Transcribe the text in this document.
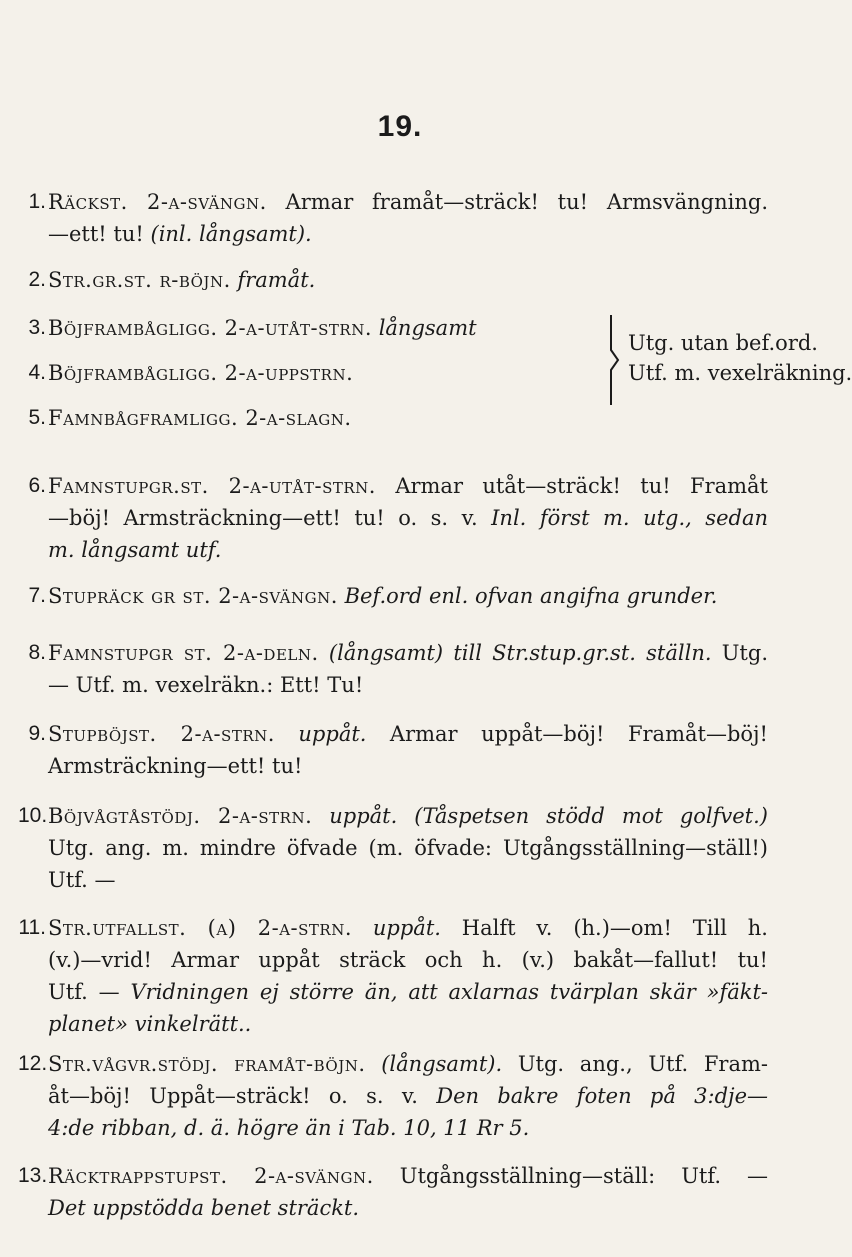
19.
1. Räckst. 2-a-svängn. Armar framåt—sträck! tu! Armsvängning.
—ett! tu! (inl. långsamt).
2. Str.gr.st. r-böjn. framåt.
3. Böjframbågligg. 2-a-utåt-strn. långsamt
4. Böjframbågligg. 2-a-uppstrn.
5. Famnbågframligg. 2-a-slagn.
Utg. utan bef.ord.
Utf. m. vexelräkning.
6. Famnstupgr.st. 2-a-utåt-strn. Armar utåt—sträck! tu! Framåt
—böj! Armsträckning—ett! tu! o. s. v. Inl. först m. utg., sedan
m. långsamt utf.
7. Stupräck gr st. 2-a-svängn. Bef.ord enl. ofvan angifna grunder.
8. Famnstupgr st. 2-a-deln. (långsamt) till Str.stup.gr.st. ställn. Utg.
— Utf. m. vexelräkn.: Ett! Tu!
9. Stupböjst. 2-a-strn. uppåt. Armar uppåt—böj! Framåt—böj!
Armsträckning—ett! tu!
10. Böjvågtåstödj. 2-a-strn. uppåt. (Tåspetsen stödd mot golfvet.)
Utg. ang. m. mindre öfvade (m. öfvade: Utgångsställning—ställ!)
Utf. —
11. Str.utfallst. (a) 2-a-strn. uppåt. Halft v. (h.)—om! Till h.
(v.)—vrid! Armar uppåt sträck och h. (v.) bakåt—fallut! tu!
Utf. — Vridningen ej större än, att axlarnas tvärplan skär »fäkt-
planet» vinkelrätt..
12. Str.vågvr.stödj. framåt-böjn. (långsamt). Utg. ang., Utf. Fram-
åt—böj! Uppåt—sträck! o. s. v. Den bakre foten på 3:dje—
4:de ribban, d. ä. högre än i Tab. 10, 11 Rr 5.
13. Räcktrappstupst. 2-a-svängn. Utgångsställning—ställ: Utf. —
Det uppstödda benet sträckt.
